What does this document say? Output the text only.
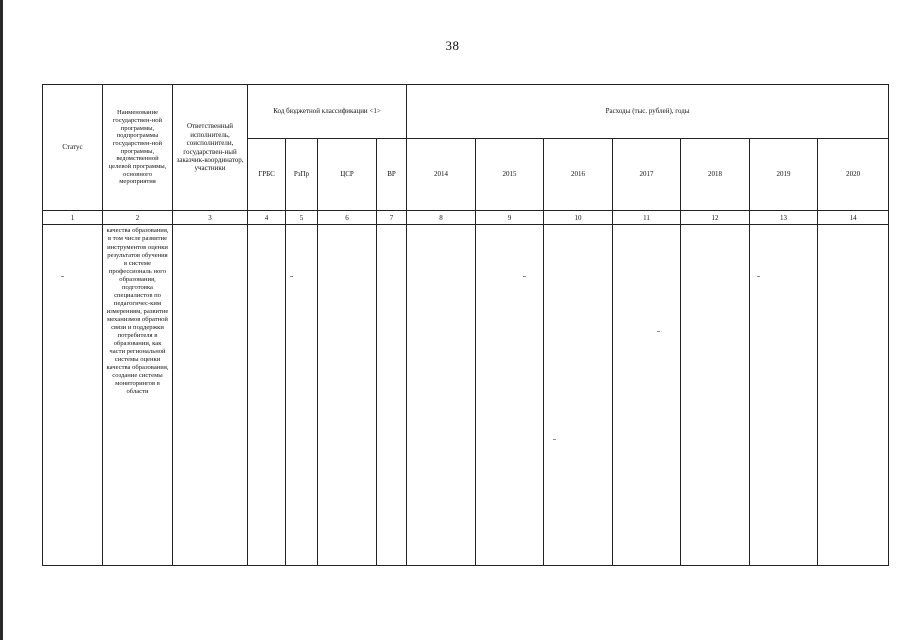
38
Статус	Наименование государствен-ной программы, подпрограммы государствен-ной программы, ведомственной целевой программы, основного мероприятия	Ответственный исполнитель, соисполнители, государствен-ный заказчик-координатор, участники	Код бюджетной классификации <1>				Расходы (тыс. рублей), годы						
			ГРБС	РзПр	ЦСР	ВР	2014	2015	2016	2017	2018	2019	2020
1	2	3	4	5	6	7	8	9	10	11	12	13	14
	качества образования, в том числе развитие инструментов оценки результатов обучения в системе профессиональ ного образования, подготовка специалистов по педагогичес-ким измерениям, развитие механизмов обратной связи и поддержки потребителя в образовании, как части региональной системы оценки качества образования, создание системы мониторингов в области												
